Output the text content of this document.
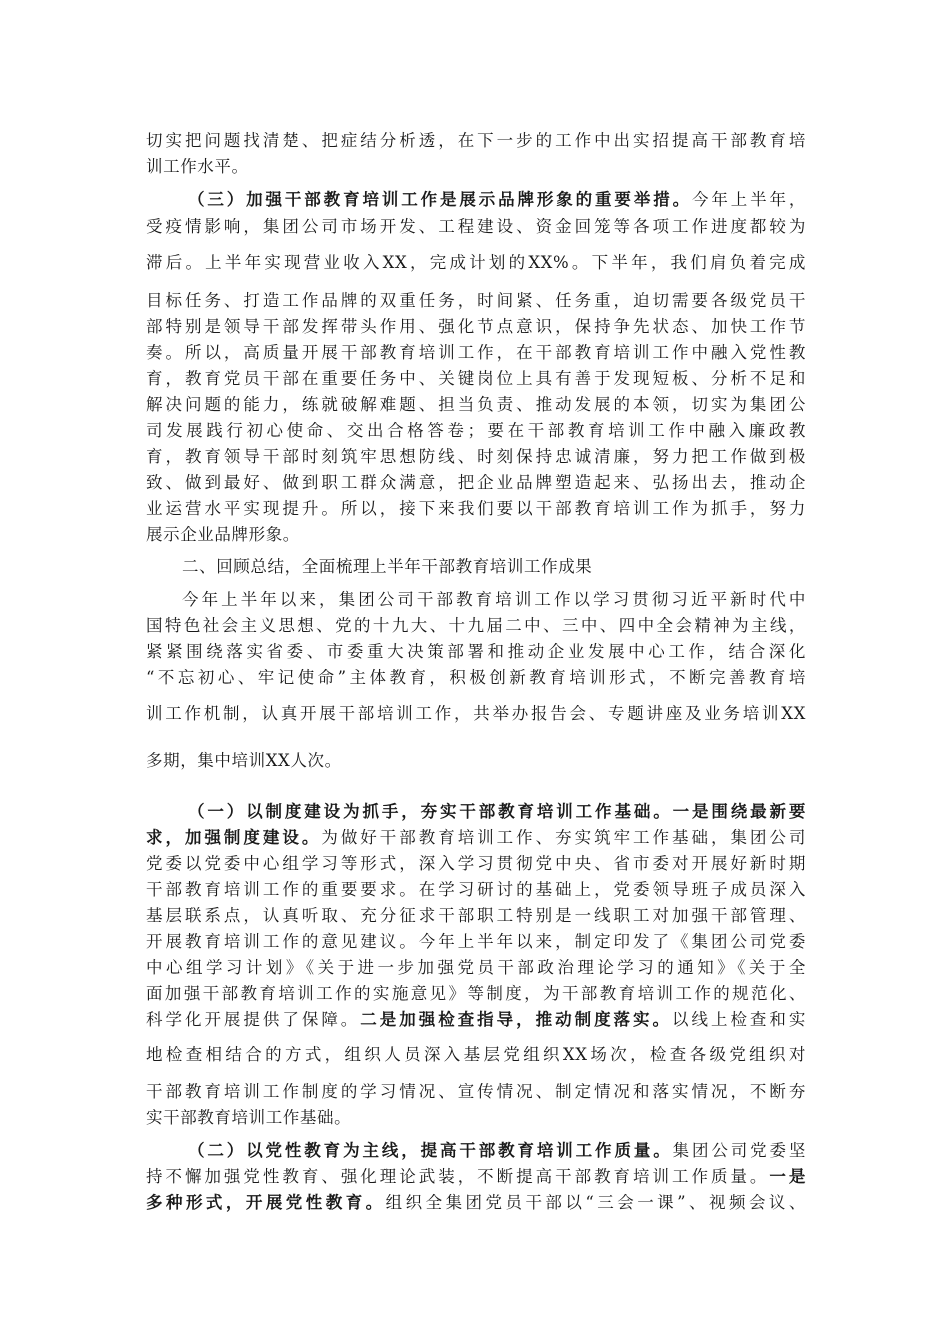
切实把问题找清楚、把症结分析透，在下一步的工作中出实招提高干部教育培
训工作水平。
（三）加强干部教育培训工作是展示品牌形象的重要举措。今年上半年，
受疫情影响，集团公司市场开发、工程建设、资金回笼等各项工作进度都较为
滞后。上半年实现营业收入XX，完成计划的XX%。下半年，我们肩负着完成
目标任务、打造工作品牌的双重任务，时间紧、任务重，迫切需要各级党员干
部特别是领导干部发挥带头作用、强化节点意识，保持争先状态、加快工作节
奏。所以，高质量开展干部教育培训工作，在干部教育培训工作中融入党性教
育，教育党员干部在重要任务中、关键岗位上具有善于发现短板、分析不足和
解决问题的能力，练就破解难题、担当负责、推动发展的本领，切实为集团公
司发展践行初心使命、交出合格答卷；要在干部教育培训工作中融入廉政教
育，教育领导干部时刻筑牢思想防线、时刻保持忠诚清廉，努力把工作做到极
致、做到最好、做到职工群众满意，把企业品牌塑造起来、弘扬出去，推动企
业运营水平实现提升。所以，接下来我们要以干部教育培训工作为抓手，努力
展示企业品牌形象。
二、回顾总结，全面梳理上半年干部教育培训工作成果
今年上半年以来，集团公司干部教育培训工作以学习贯彻习近平新时代中
国特色社会主义思想、党的十九大、十九届二中、三中、四中全会精神为主线，
紧紧围绕落实省委、市委重大决策部署和推动企业发展中心工作，结合深化
“不忘初心、牢记使命”主体教育，积极创新教育培训形式，不断完善教育培
训工作机制，认真开展干部培训工作，共举办报告会、专题讲座及业务培训XX
多期，集中培训XX人次。
（一）以制度建设为抓手，夯实干部教育培训工作基础。一是围绕最新要
求，加强制度建设。为做好干部教育培训工作、夯实筑牢工作基础，集团公司
党委以党委中心组学习等形式，深入学习贯彻党中央、省市委对开展好新时期
干部教育培训工作的重要要求。在学习研讨的基础上，党委领导班子成员深入
基层联系点，认真听取、充分征求干部职工特别是一线职工对加强干部管理、
开展教育培训工作的意见建议。今年上半年以来，制定印发了《集团公司党委
中心组学习计划》《关于进一步加强党员干部政治理论学习的通知》《关于全
面加强干部教育培训工作的实施意见》等制度，为干部教育培训工作的规范化、
科学化开展提供了保障。二是加强检查指导，推动制度落实。以线上检查和实
地检查相结合的方式，组织人员深入基层党组织XX场次，检查各级党组织对
干部教育培训工作制度的学习情况、宣传情况、制定情况和落实情况，不断夯
实干部教育培训工作基础。
（二）以党性教育为主线，提高干部教育培训工作质量。集团公司党委坚
持不懈加强党性教育、强化理论武装，不断提高干部教育培训工作质量。一是
多种形式，开展党性教育。组织全集团党员干部以“三会一课”、视频会议、
